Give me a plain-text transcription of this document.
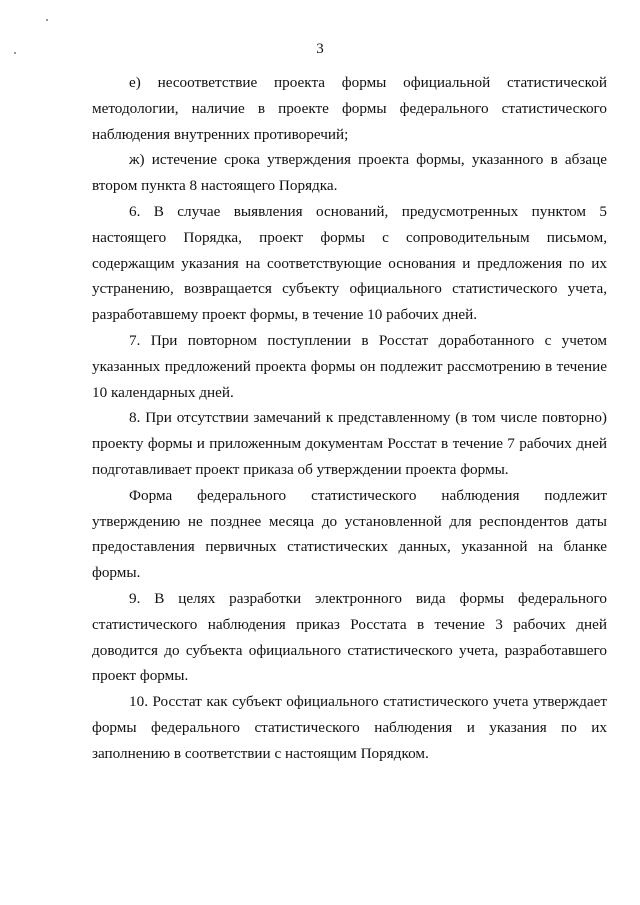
3

е) несоответствие проекта формы официальной статистической методологии, наличие в проекте формы федерального статистического наблюдения внутренних противоречий;

ж) истечение срока утверждения проекта формы, указанного в абзаце втором пункта 8 настоящего Порядка.

6. В случае выявления оснований, предусмотренных пунктом 5 настоящего Порядка, проект формы с сопроводительным письмом, содержащим указания на соответствующие основания и предложения по их устранению, возвращается субъекту официального статистического учета, разработавшему проект формы, в течение 10 рабочих дней.

7. При повторном поступлении в Росстат доработанного с учетом указанных предложений проекта формы он подлежит рассмотрению в течение 10 календарных дней.

8. При отсутствии замечаний к представленному (в том числе повторно) проекту формы и приложенным документам Росстат в течение 7 рабочих дней подготавливает проект приказа об утверждении проекта формы.

Форма федерального статистического наблюдения подлежит утверждению не позднее месяца до установленной для респондентов даты предоставления первичных статистических данных, указанной на бланке формы.

9. В целях разработки электронного вида формы федерального статистического наблюдения приказ Росстата в течение 3 рабочих дней доводится до субъекта официального статистического учета, разработавшего проект формы.

10. Росстат как субъект официального статистического учета утверждает формы федерального статистического наблюдения и указания по их заполнению в соответствии с настоящим Порядком.
